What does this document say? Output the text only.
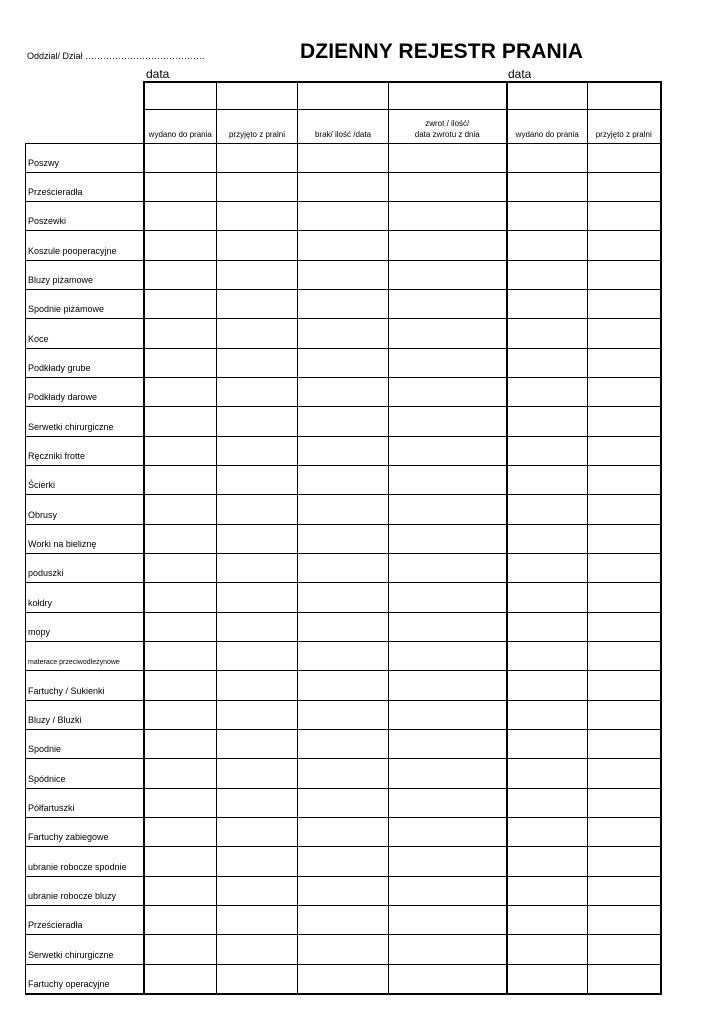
Oddzial/ Dział ………………………………….	DZIENNY REJESTR PRANIA
data	data

	wydano do prania	przyjęto z pralni	brak/ ilość /data	zwrot / ilość/
data zwrotu z dnia	wydano do prania	przyjęto z pralni
Poszwy						
Prześcieradła						
Poszewki						
Koszule pooperacyjne						
Bluzy piżamowe						
Spodnie piżamowe						
Koce						
Podkłady grube						
Podkłady darowe						
Serwetki chirurgiczne						
Ręczniki frotte						
Ścierki						
Obrusy						
Worki na bieliznę						
poduszki						
kołdry						
mopy						
materace przeciwodleżynowe						
Fartuchy / Sukienki						
Bluzy / Bluzki						
Spodnie						
Spódnice						
Półfartuszki						
Fartuchy zabiegowe						
ubranie robocze spodnie						
ubranie robocze bluzy						
Prześcieradła						
Serwetki chirurgiczne						
Fartuchy operacyjne						
